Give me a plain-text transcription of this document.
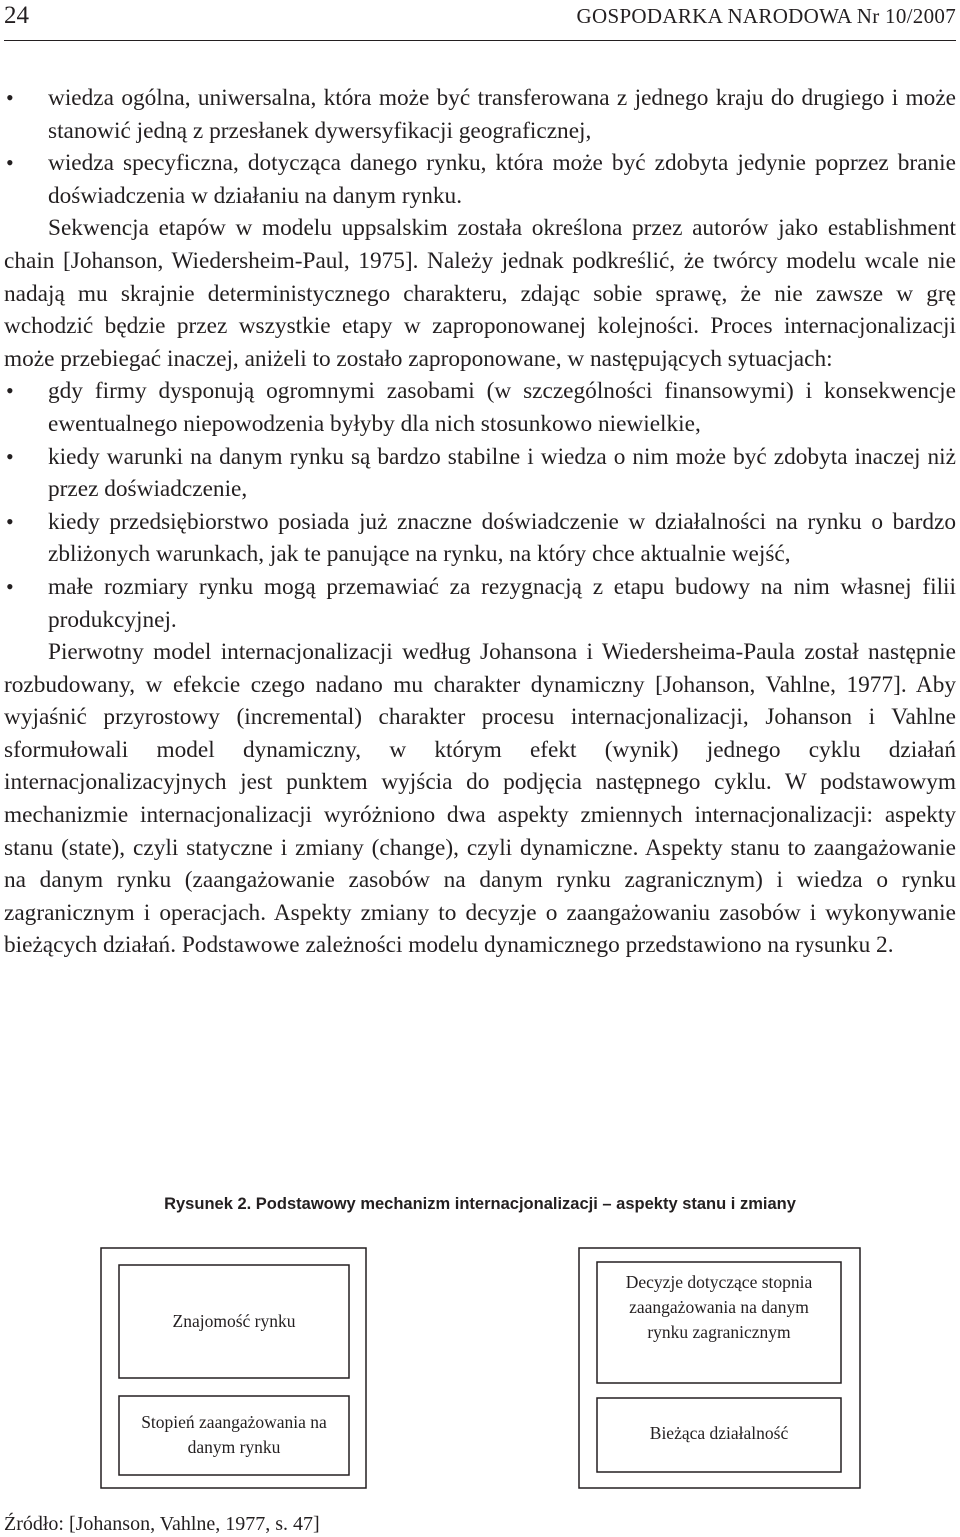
24	GOSPODARKA NARODOWA Nr 10/2007

• wiedza ogólna, uniwersalna, która może być transferowana z jednego kraju do drugiego i może stanowić jedną z przesłanek dywersyfikacji geograficznej,

• wiedza specyficzna, dotycząca danego rynku, która może być zdobyta jedynie poprzez branie doświadczenia w działaniu na danym rynku.

Sekwencja etapów w modelu uppsalskim została określona przez autorów jako establishment chain [Johanson, Wiedersheim-Paul, 1975]. Należy jednak podkreślić, że twórcy modelu wcale nie nadają mu skrajnie deterministycznego charakteru, zdając sobie sprawę, że nie zawsze w grę wchodzić będzie przez wszystkie etapy w zaproponowanej kolejności. Proces internacjonalizacji może przebiegać inaczej, aniżeli to zostało zaproponowane, w następujących sytuacjach:

• gdy firmy dysponują ogromnymi zasobami (w szczególności finansowymi) i konsekwencje ewentualnego niepowodzenia byłyby dla nich stosunkowo niewielkie,

• kiedy warunki na danym rynku są bardzo stabilne i wiedza o nim może być zdobyta inaczej niż przez doświadczenie,

• kiedy przedsiębiorstwo posiada już znaczne doświadczenie w działalności na rynku o bardzo zbliżonych warunkach, jak te panujące na rynku, na który chce aktualnie wejść,

• małe rozmiary rynku mogą przemawiać za rezygnacją z etapu budowy na nim własnej filii produkcyjnej.

Pierwotny model internacjonalizacji według Johansona i Wiedersheima-Paula został następnie rozbudowany, w efekcie czego nadano mu charakter dynamiczny [Johanson, Vahlne, 1977]. Aby wyjaśnić przyrostowy (incremental) charakter procesu internacjonalizacji, Johanson i Vahlne sformułowali model dynamiczny, w którym efekt (wynik) jednego cyklu działań internacjonalizacyjnych jest punktem wyjścia do podjęcia następnego cyklu. W podstawowym mechanizmie internacjonalizacji wyróżniono dwa aspekty zmiennych internacjonalizacji: aspekty stanu (state), czyli statyczne i zmiany (change), czyli dynamiczne. Aspekty stanu to zaangażowanie na danym rynku (zaangażowanie zasobów na danym rynku zagranicznym) i wiedza o rynku zagranicznym i operacjach. Aspekty zmiany to decyzje o zaangażowaniu zasobów i wykonywanie bieżących działań. Podstawowe zależności modelu dynamicznego przedstawiono na rysunku 2.

Rysunek 2. Podstawowy mechanizm internacjonalizacji – aspekty stanu i zmiany
Znajomość rynku
Stopień zaangażowania na danym rynku
Decyzje dotyczące stopnia zaangażowania na danym rynku zagranicznym
Bieżąca działalność
Źródło: [Johanson, Vahlne, 1977, s. 47]
